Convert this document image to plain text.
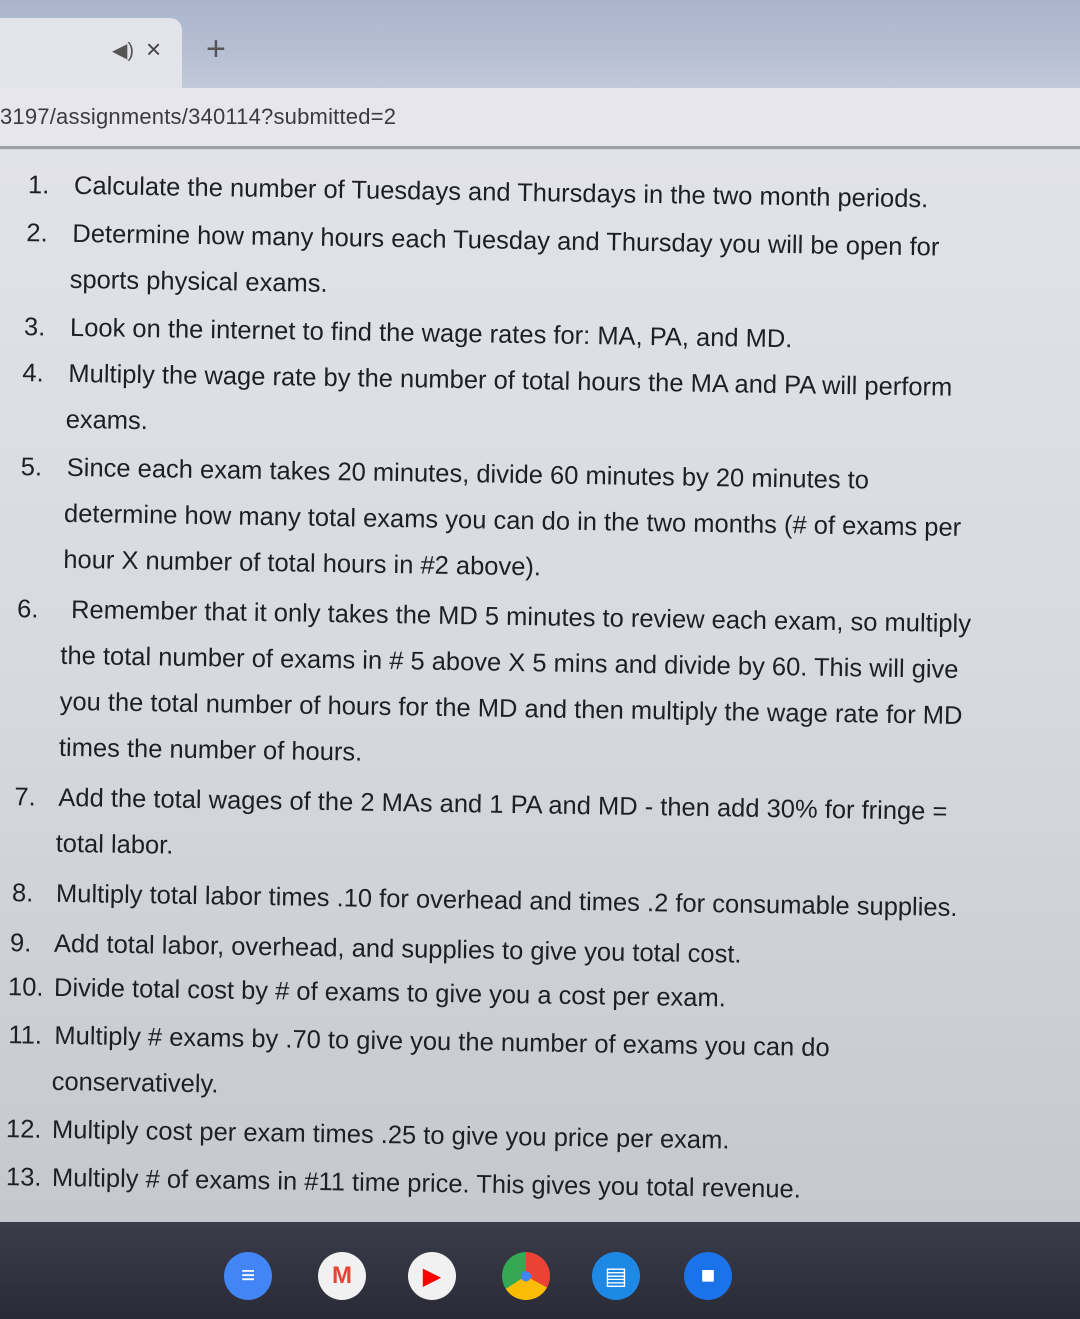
◀) × +
3197/assignments/340114?submitted=2
1. Calculate the number of Tuesdays and Thursdays in the two month periods.
2. Determine how many hours each Tuesday and Thursday you will be open for
sports physical exams.
3. Look on the internet to find the wage rates for: MA, PA, and MD.
4. Multiply the wage rate by the number of total hours the MA and PA will perform
exams.
5. Since each exam takes 20 minutes, divide 60 minutes by 20 minutes to
determine how many total exams you can do in the two months (# of exams per
hour X number of total hours in #2 above).
6.	Remember that it only takes the MD 5 minutes to review each exam, so multiply
the total number of exams in # 5 above X 5 mins and divide by 60. This will give
you the total number of hours for the MD and then multiply the wage rate for MD
times the number of hours.
7. Add the total wages of the 2 MAs and 1 PA and MD - then add 30% for fringe =
total labor.
8. Multiply total labor times .10 for overhead and times .2 for consumable supplies.
9. Add total labor, overhead, and supplies to give you total cost.
10. Divide total cost by # of exams to give you a cost per exam.
11. Multiply # exams by .70 to give you the number of exams you can do
conservatively.
12. Multiply cost per exam times .25 to give you price per exam.
13. Multiply # of exams in #11 time price. This gives you total revenue.
≡	M	▶	●	▤	■
